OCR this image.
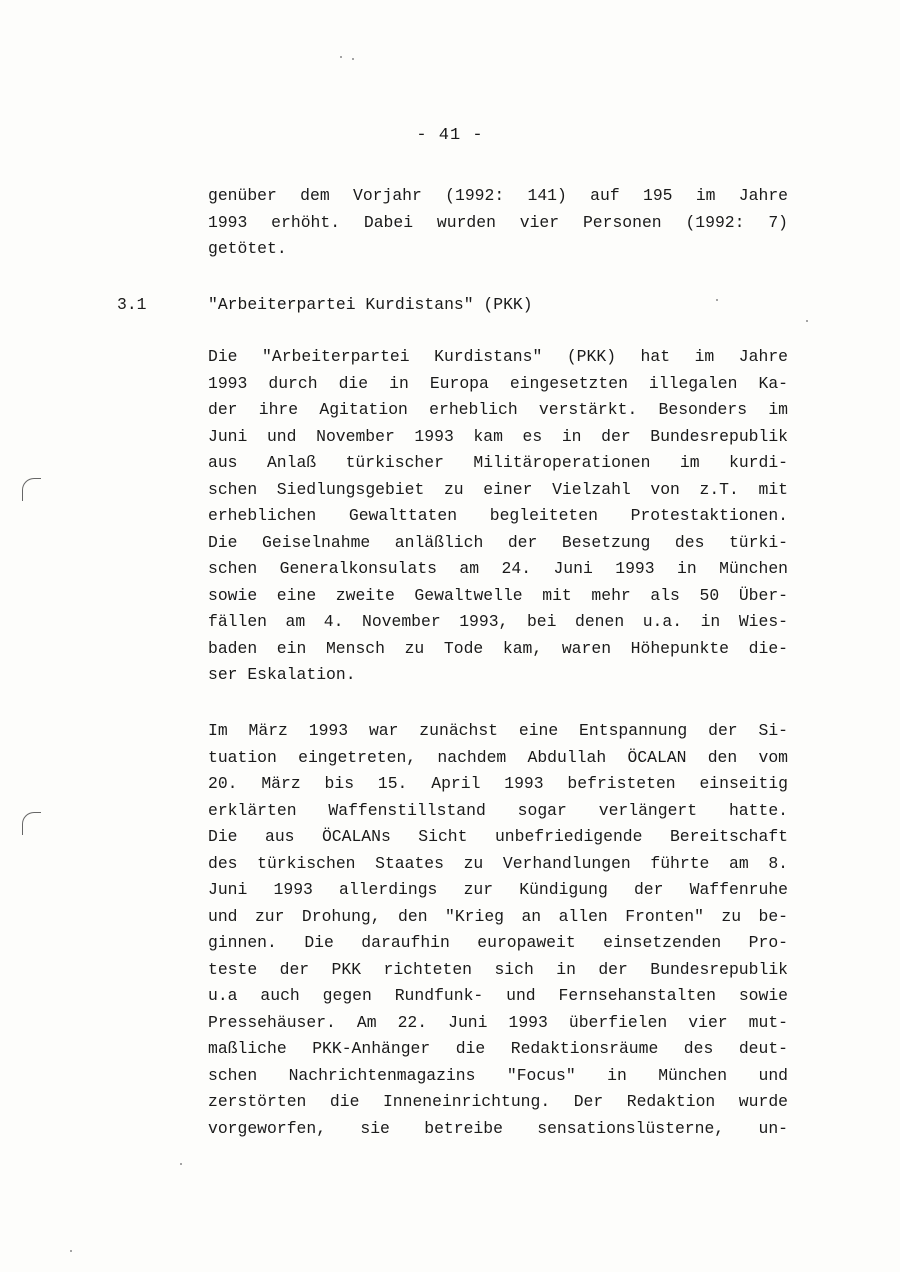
- 41 -
genüber dem Vorjahr (1992: 141) auf 195 im Jahre
1993 erhöht. Dabei wurden vier Personen (1992: 7)
getötet.
3.1	"Arbeiterpartei Kurdistans" (PKK)
Die "Arbeiterpartei Kurdistans" (PKK) hat im Jahre
1993 durch die in Europa eingesetzten illegalen Ka-
der ihre Agitation erheblich verstärkt. Besonders im
Juni und November 1993 kam es in der Bundesrepublik
aus Anlaß türkischer Militäroperationen im kurdi-
schen Siedlungsgebiet zu einer Vielzahl von z.T. mit
erheblichen Gewalttaten begleiteten Protestaktionen.
Die Geiselnahme anläßlich der Besetzung des türki-
schen Generalkonsulats am 24. Juni 1993 in München
sowie eine zweite Gewaltwelle mit mehr als 50 Über-
fällen am 4. November 1993, bei denen u.a. in Wies-
baden ein Mensch zu Tode kam, waren Höhepunkte die-
ser Eskalation.
Im März 1993 war zunächst eine Entspannung der Si-
tuation eingetreten, nachdem Abdullah ÖCALAN den vom
20. März bis 15. April 1993 befristeten einseitig
erklärten Waffenstillstand sogar verlängert hatte.
Die aus ÖCALANs Sicht unbefriedigende Bereitschaft
des türkischen Staates zu Verhandlungen führte am 8.
Juni 1993 allerdings zur Kündigung der Waffenruhe
und zur Drohung, den "Krieg an allen Fronten" zu be-
ginnen. Die daraufhin europaweit einsetzenden Pro-
teste der PKK richteten sich in der Bundesrepublik
u.a auch gegen Rundfunk- und Fernsehanstalten sowie
Pressehäuser. Am 22. Juni 1993 überfielen vier mut-
maßliche PKK-Anhänger die Redaktionsräume des deut-
schen Nachrichtenmagazins "Focus" in München und
zerstörten die Inneneinrichtung. Der Redaktion wurde
vorgeworfen, sie betreibe sensationslüsterne, un-
